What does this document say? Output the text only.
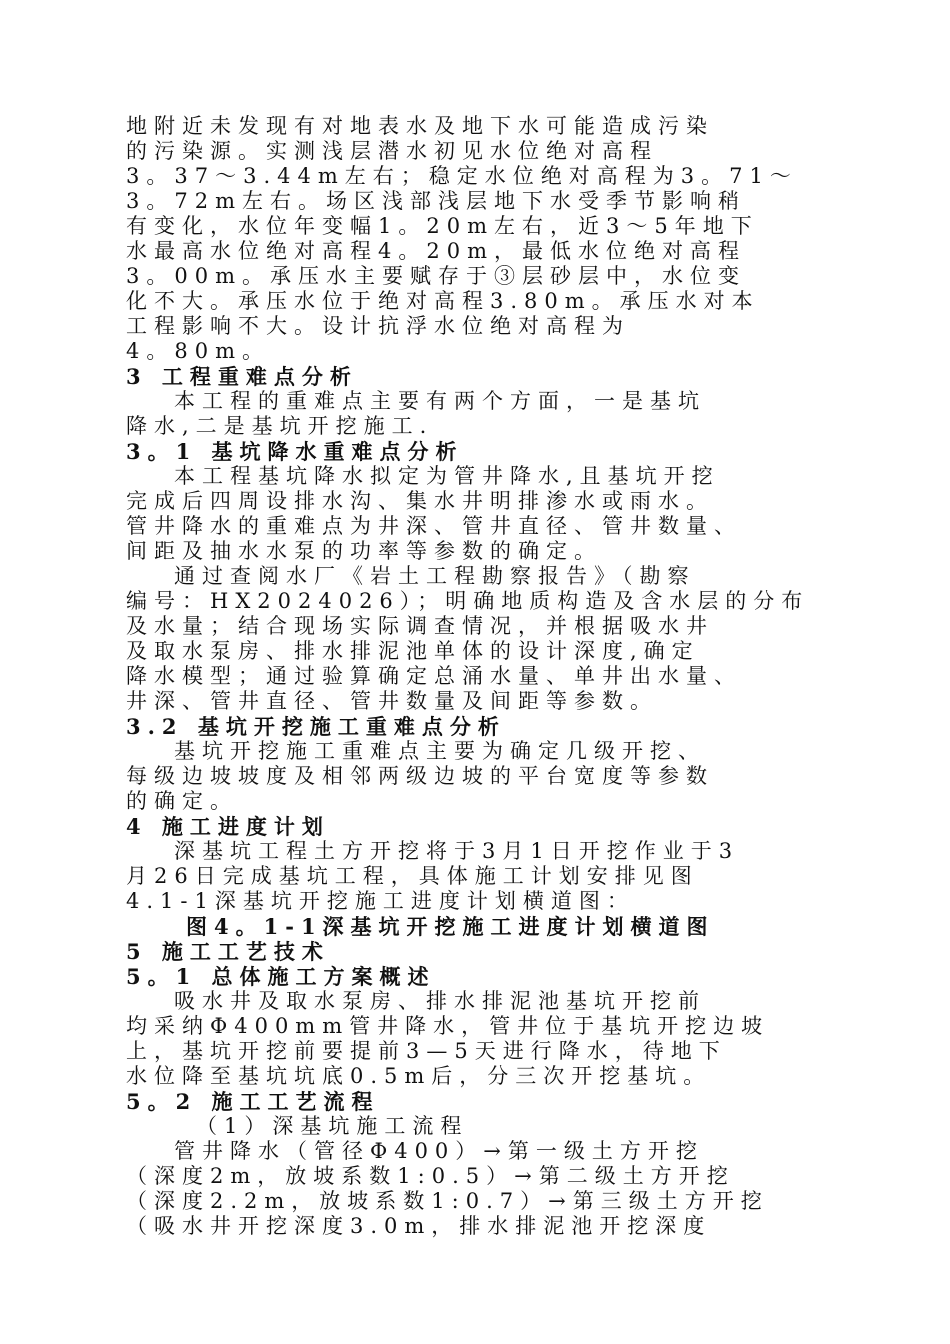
地附近未发现有对地表水及地下水可能造成污染
的污染源。实测浅层潜水初见水位绝对高程
3。37～3.44m左右；稳定水位绝对高程为3。71～
3。72m左右。场区浅部浅层地下水受季节影响稍
有变化，水位年变幅1。20m左右，近3～5年地下
水最高水位绝对高程4。20m，最低水位绝对高程
3。00m。承压水主要赋存于③层砂层中，水位变
化不大。承压水位于绝对高程3.80m。承压水对本
工程影响不大。设计抗浮水位绝对高程为
4。80m。
3 工程重难点分析
本工程的重难点主要有两个方面，一是基坑
降水,二是基坑开挖施工.
3。1 基坑降水重难点分析
本工程基坑降水拟定为管井降水,且基坑开挖
完成后四周设排水沟、集水井明排渗水或雨水。
管井降水的重难点为井深、管井直径、管井数量、
间距及抽水水泵的功率等参数的确定。
通过查阅水厂《岩土工程勘察报告》（勘察
编号：HX2024026）；明确地质构造及含水层的分布
及水量；结合现场实际调查情况，并根据吸水井
及取水泵房、排水排泥池单体的设计深度,确定
降水模型；通过验算确定总涌水量、单井出水量、
井深、管井直径、管井数量及间距等参数。
3.2 基坑开挖施工重难点分析
基坑开挖施工重难点主要为确定几级开挖、
每级边坡坡度及相邻两级边坡的平台宽度等参数
的确定。
4 施工进度计划
深基坑工程土方开挖将于3月1日开挖作业于3
月26日完成基坑工程，具体施工计划安排见图
4.1-1深基坑开挖施工进度计划横道图：
图4。1-1深基坑开挖施工进度计划横道图
5 施工工艺技术
5。1 总体施工方案概述
吸水井及取水泵房、排水排泥池基坑开挖前
均采纳Φ400mm管井降水，管井位于基坑开挖边坡
上，基坑开挖前要提前3—5天进行降水，待地下
水位降至基坑坑底0.5m后，分三次开挖基坑。
5。2 施工工艺流程
（1）深基坑施工流程
管井降水（管径Φ400）→第一级土方开挖
（深度2m，放坡系数1:0.5）→第二级土方开挖
（深度2.2m，放坡系数1:0.7）→第三级土方开挖
（吸水井开挖深度3.0m，排水排泥池开挖深度
